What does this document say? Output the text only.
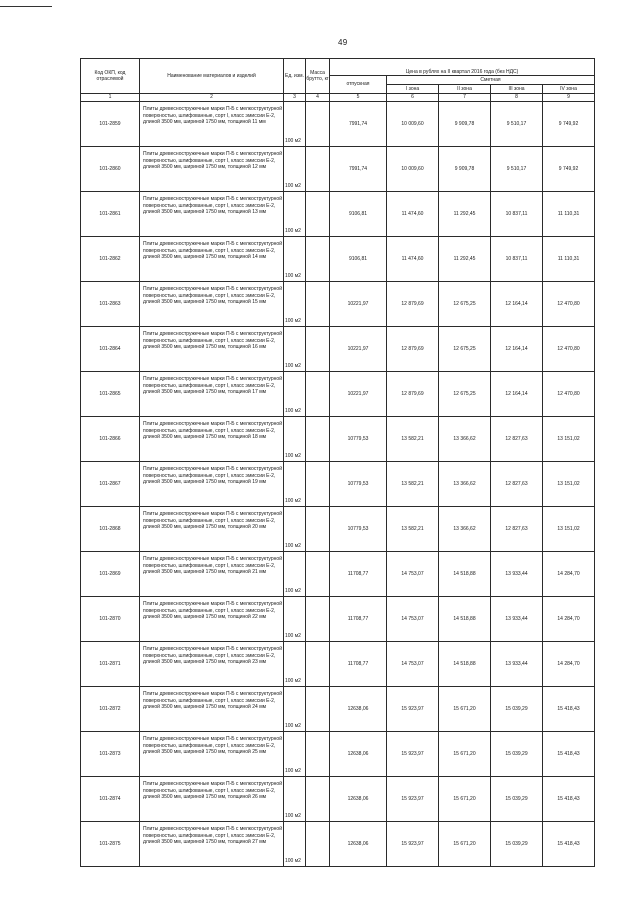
49
Код ОКП, код отраслевой	Наименование материалов и изделий	Ед. изм.	Масса брутто, кг	Цена в рублях на II квартал 2016 года (без НДС)				
				отпускная	Сметная			
					I зона	II зона	III зона	IV зона
1	2	3	4	5	6	7	8	9
101-2859	Плиты древесностружечные марки П-Б с мелкоструктурной поверхностью, шлифованные, сорт I, класс эмиссии Е-2, длиной 3500 мм, шириной 1750 мм, толщиной 11 мм	100 м2		7991,74	10 009,60	9 909,78	9 510,17	9 749,92
101-2860	Плиты древесностружечные марки П-Б с мелкоструктурной поверхностью, шлифованные, сорт I, класс эмиссии Е-2, длиной 3500 мм, шириной 1750 мм, толщиной 12 мм	100 м2		7991,74	10 009,60	9 909,78	9 510,17	9 749,92
101-2861	Плиты древесностружечные марки П-Б с мелкоструктурной поверхностью, шлифованные, сорт I, класс эмиссии Е-2, длиной 3500 мм, шириной 1750 мм, толщиной 13 мм	100 м2		9106,81	11 474,60	11 292,45	10 837,11	11 110,31
101-2862	Плиты древесностружечные марки П-Б с мелкоструктурной поверхностью, шлифованные, сорт I, класс эмиссии Е-2, длиной 3500 мм, шириной 1750 мм, толщиной 14 мм	100 м2		9106,81	11 474,60	11 292,45	10 837,11	11 110,31
101-2863	Плиты древесностружечные марки П-Б с мелкоструктурной поверхностью, шлифованные, сорт I, класс эмиссии Е-2, длиной 3500 мм, шириной 1750 мм, толщиной 15 мм	100 м2		10221,97	12 879,69	12 675,25	12 164,14	12 470,80
101-2864	Плиты древесностружечные марки П-Б с мелкоструктурной поверхностью, шлифованные, сорт I, класс эмиссии Е-2, длиной 3500 мм, шириной 1750 мм, толщиной 16 мм	100 м2		10221,97	12 879,69	12 675,25	12 164,14	12 470,80
101-2865	Плиты древесностружечные марки П-Б с мелкоструктурной поверхностью, шлифованные, сорт I, класс эмиссии Е-2, длиной 3500 мм, шириной 1750 мм, толщиной 17 мм	100 м2		10221,97	12 879,69	12 675,25	12 164,14	12 470,80
101-2866	Плиты древесностружечные марки П-Б с мелкоструктурной поверхностью, шлифованные, сорт I, класс эмиссии Е-2, длиной 3500 мм, шириной 1750 мм, толщиной 18 мм	100 м2		10779,53	13 582,21	13 366,62	12 827,63	13 151,02
101-2867	Плиты древесностружечные марки П-Б с мелкоструктурной поверхностью, шлифованные, сорт I, класс эмиссии Е-2, длиной 3500 мм, шириной 1750 мм, толщиной 19 мм	100 м2		10779,53	13 582,21	13 366,62	12 827,63	13 151,02
101-2868	Плиты древесностружечные марки П-Б с мелкоструктурной поверхностью, шлифованные, сорт I, класс эмиссии Е-2, длиной 3500 мм, шириной 1750 мм, толщиной 20 мм	100 м2		10779,53	13 582,21	13 366,62	12 827,63	13 151,02
101-2869	Плиты древесностружечные марки П-Б с мелкоструктурной поверхностью, шлифованные, сорт I, класс эмиссии Е-2, длиной 3500 мм, шириной 1750 мм, толщиной 21 мм	100 м2		11708,77	14 753,07	14 518,88	13 933,44	14 284,70
101-2870	Плиты древесностружечные марки П-Б с мелкоструктурной поверхностью, шлифованные, сорт I, класс эмиссии Е-2, длиной 3500 мм, шириной 1750 мм, толщиной 22 мм	100 м2		11708,77	14 753,07	14 518,88	13 933,44	14 284,70
101-2871	Плиты древесностружечные марки П-Б с мелкоструктурной поверхностью, шлифованные, сорт I, класс эмиссии Е-2, длиной 3500 мм, шириной 1750 мм, толщиной 23 мм	100 м2		11708,77	14 753,07	14 518,88	13 933,44	14 284,70
101-2872	Плиты древесностружечные марки П-Б с мелкоструктурной поверхностью, шлифованные, сорт I, класс эмиссии Е-2, длиной 3500 мм, шириной 1750 мм, толщиной 24 мм	100 м2		12638,06	15 923,97	15 671,20	15 039,29	15 418,43
101-2873	Плиты древесностружечные марки П-Б с мелкоструктурной поверхностью, шлифованные, сорт I, класс эмиссии Е-2, длиной 3500 мм, шириной 1750 мм, толщиной 25 мм	100 м2		12638,06	15 923,97	15 671,20	15 039,29	15 418,43
101-2874	Плиты древесностружечные марки П-Б с мелкоструктурной поверхностью, шлифованные, сорт I, класс эмиссии Е-2, длиной 3500 мм, шириной 1750 мм, толщиной 26 мм	100 м2		12638,06	15 923,97	15 671,20	15 039,29	15 418,43
101-2875	Плиты древесностружечные марки П-Б с мелкоструктурной поверхностью, шлифованные, сорт I, класс эмиссии Е-2, длиной 3500 мм, шириной 1750 мм, толщиной 27 мм	100 м2		12638,06	15 923,97	15 671,20	15 039,29	15 418,43
